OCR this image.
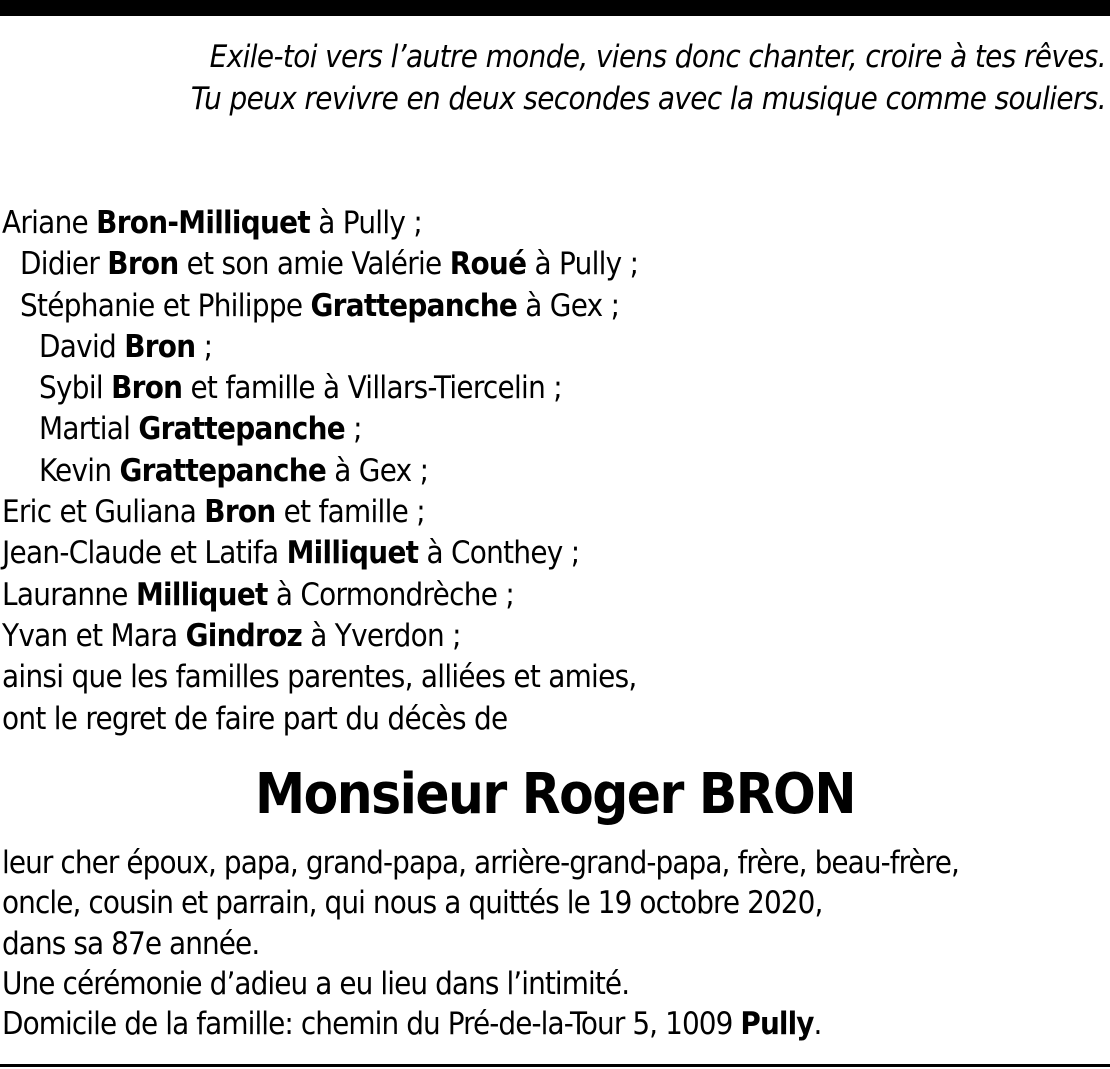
Exile-toi vers l’autre monde, viens donc chanter, croire à tes rêves.
Tu peux revivre en deux secondes avec la musique comme souliers.
Ariane Bron-Milliquet à Pully ;
Didier Bron et son amie Valérie Roué à Pully ;
Stéphanie et Philippe Grattepanche à Gex ;
David Bron ;
Sybil Bron et famille à Villars-Tiercelin ;
Martial Grattepanche ;
Kevin Grattepanche à Gex ;
Eric et Guliana Bron et famille ;
Jean-Claude et Latifa Milliquet à Conthey ;
Lauranne Milliquet à Cormondrèche ;
Yvan et Mara Gindroz à Yverdon ;
ainsi que les familles parentes, alliées et amies,
ont le regret de faire part du décès de
Monsieur Roger BRON
leur cher époux, papa, grand-papa, arrière-grand-papa, frère, beau-frère,
oncle, cousin et parrain, qui nous a quittés le 19 octobre 2020,
dans sa 87e année.
Une cérémonie d’adieu a eu lieu dans l’intimité.
Domicile de la famille: chemin du Pré-de-la-Tour 5, 1009 Pully.
